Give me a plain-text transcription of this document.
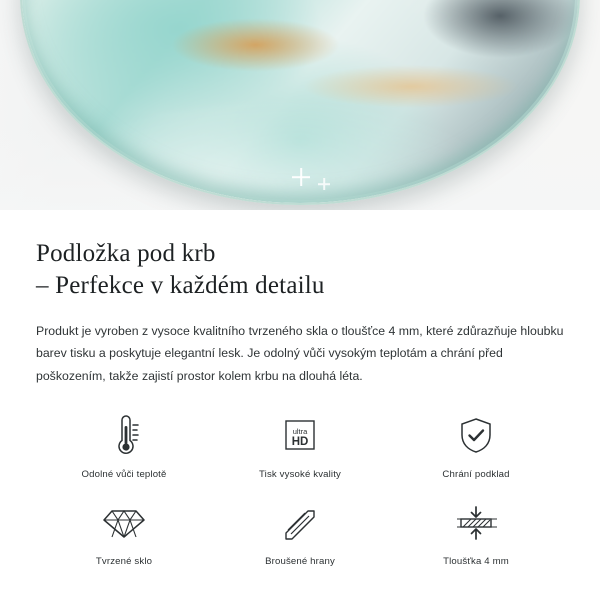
Podložka pod krb
– Perfekce v každém detailu

Produkt je vyroben z vysoce kvalitního tvrzeného skla o tloušťce 4 mm, které zdůrazňuje hloubku barev tisku a poskytuje elegantní lesk. Je odolný vůči vysokým teplotám a chrání před poškozením, takže zajistí prostor kolem krbu na dlouhá léta.

Odolné vůči teplotě
ultra
HD
Tisk vysoké kvality	Chrání podklad
Tvrzené sklo	Broušené hrany	Tloušťka 4 mm
